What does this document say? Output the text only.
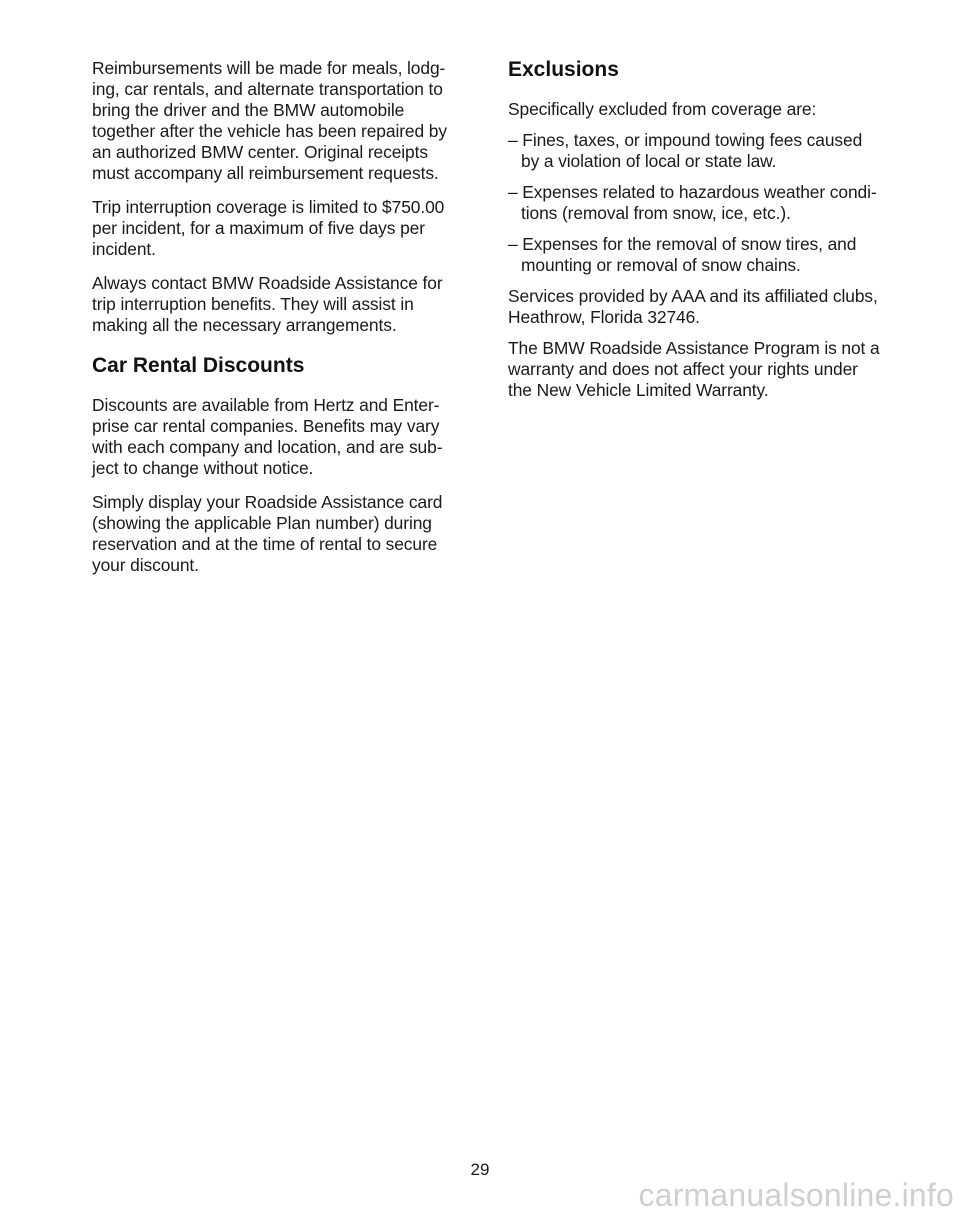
Reimbursements will be made for meals, lodg-ing, car rentals, and alternate transportation to bring the driver and the BMW automobile together after the vehicle has been repaired by an authorized BMW center. Original receipts must accompany all reimbursement requests.

Trip interruption coverage is limited to $750.00 per incident, for a maximum of five days per incident.

Always contact BMW Roadside Assistance for trip interruption benefits. They will assist in making all the necessary arrangements.

Car Rental Discounts

Discounts are available from Hertz and Enter-prise car rental companies. Benefits may vary with each company and location, and are sub-ject to change without notice.

Simply display your Roadside Assistance card (showing the applicable Plan number) during reservation and at the time of rental to secure your discount.

Exclusions

Specifically excluded from coverage are:

– Fines, taxes, or impound towing fees caused by a violation of local or state law.

– Expenses related to hazardous weather condi-tions (removal from snow, ice, etc.).

– Expenses for the removal of snow tires, and mounting or removal of snow chains.

Services provided by AAA and its affiliated clubs, Heathrow, Florida 32746.

The BMW Roadside Assistance Program is not a warranty and does not affect your rights under the New Vehicle Limited Warranty.

29
carmanualsonline.info
